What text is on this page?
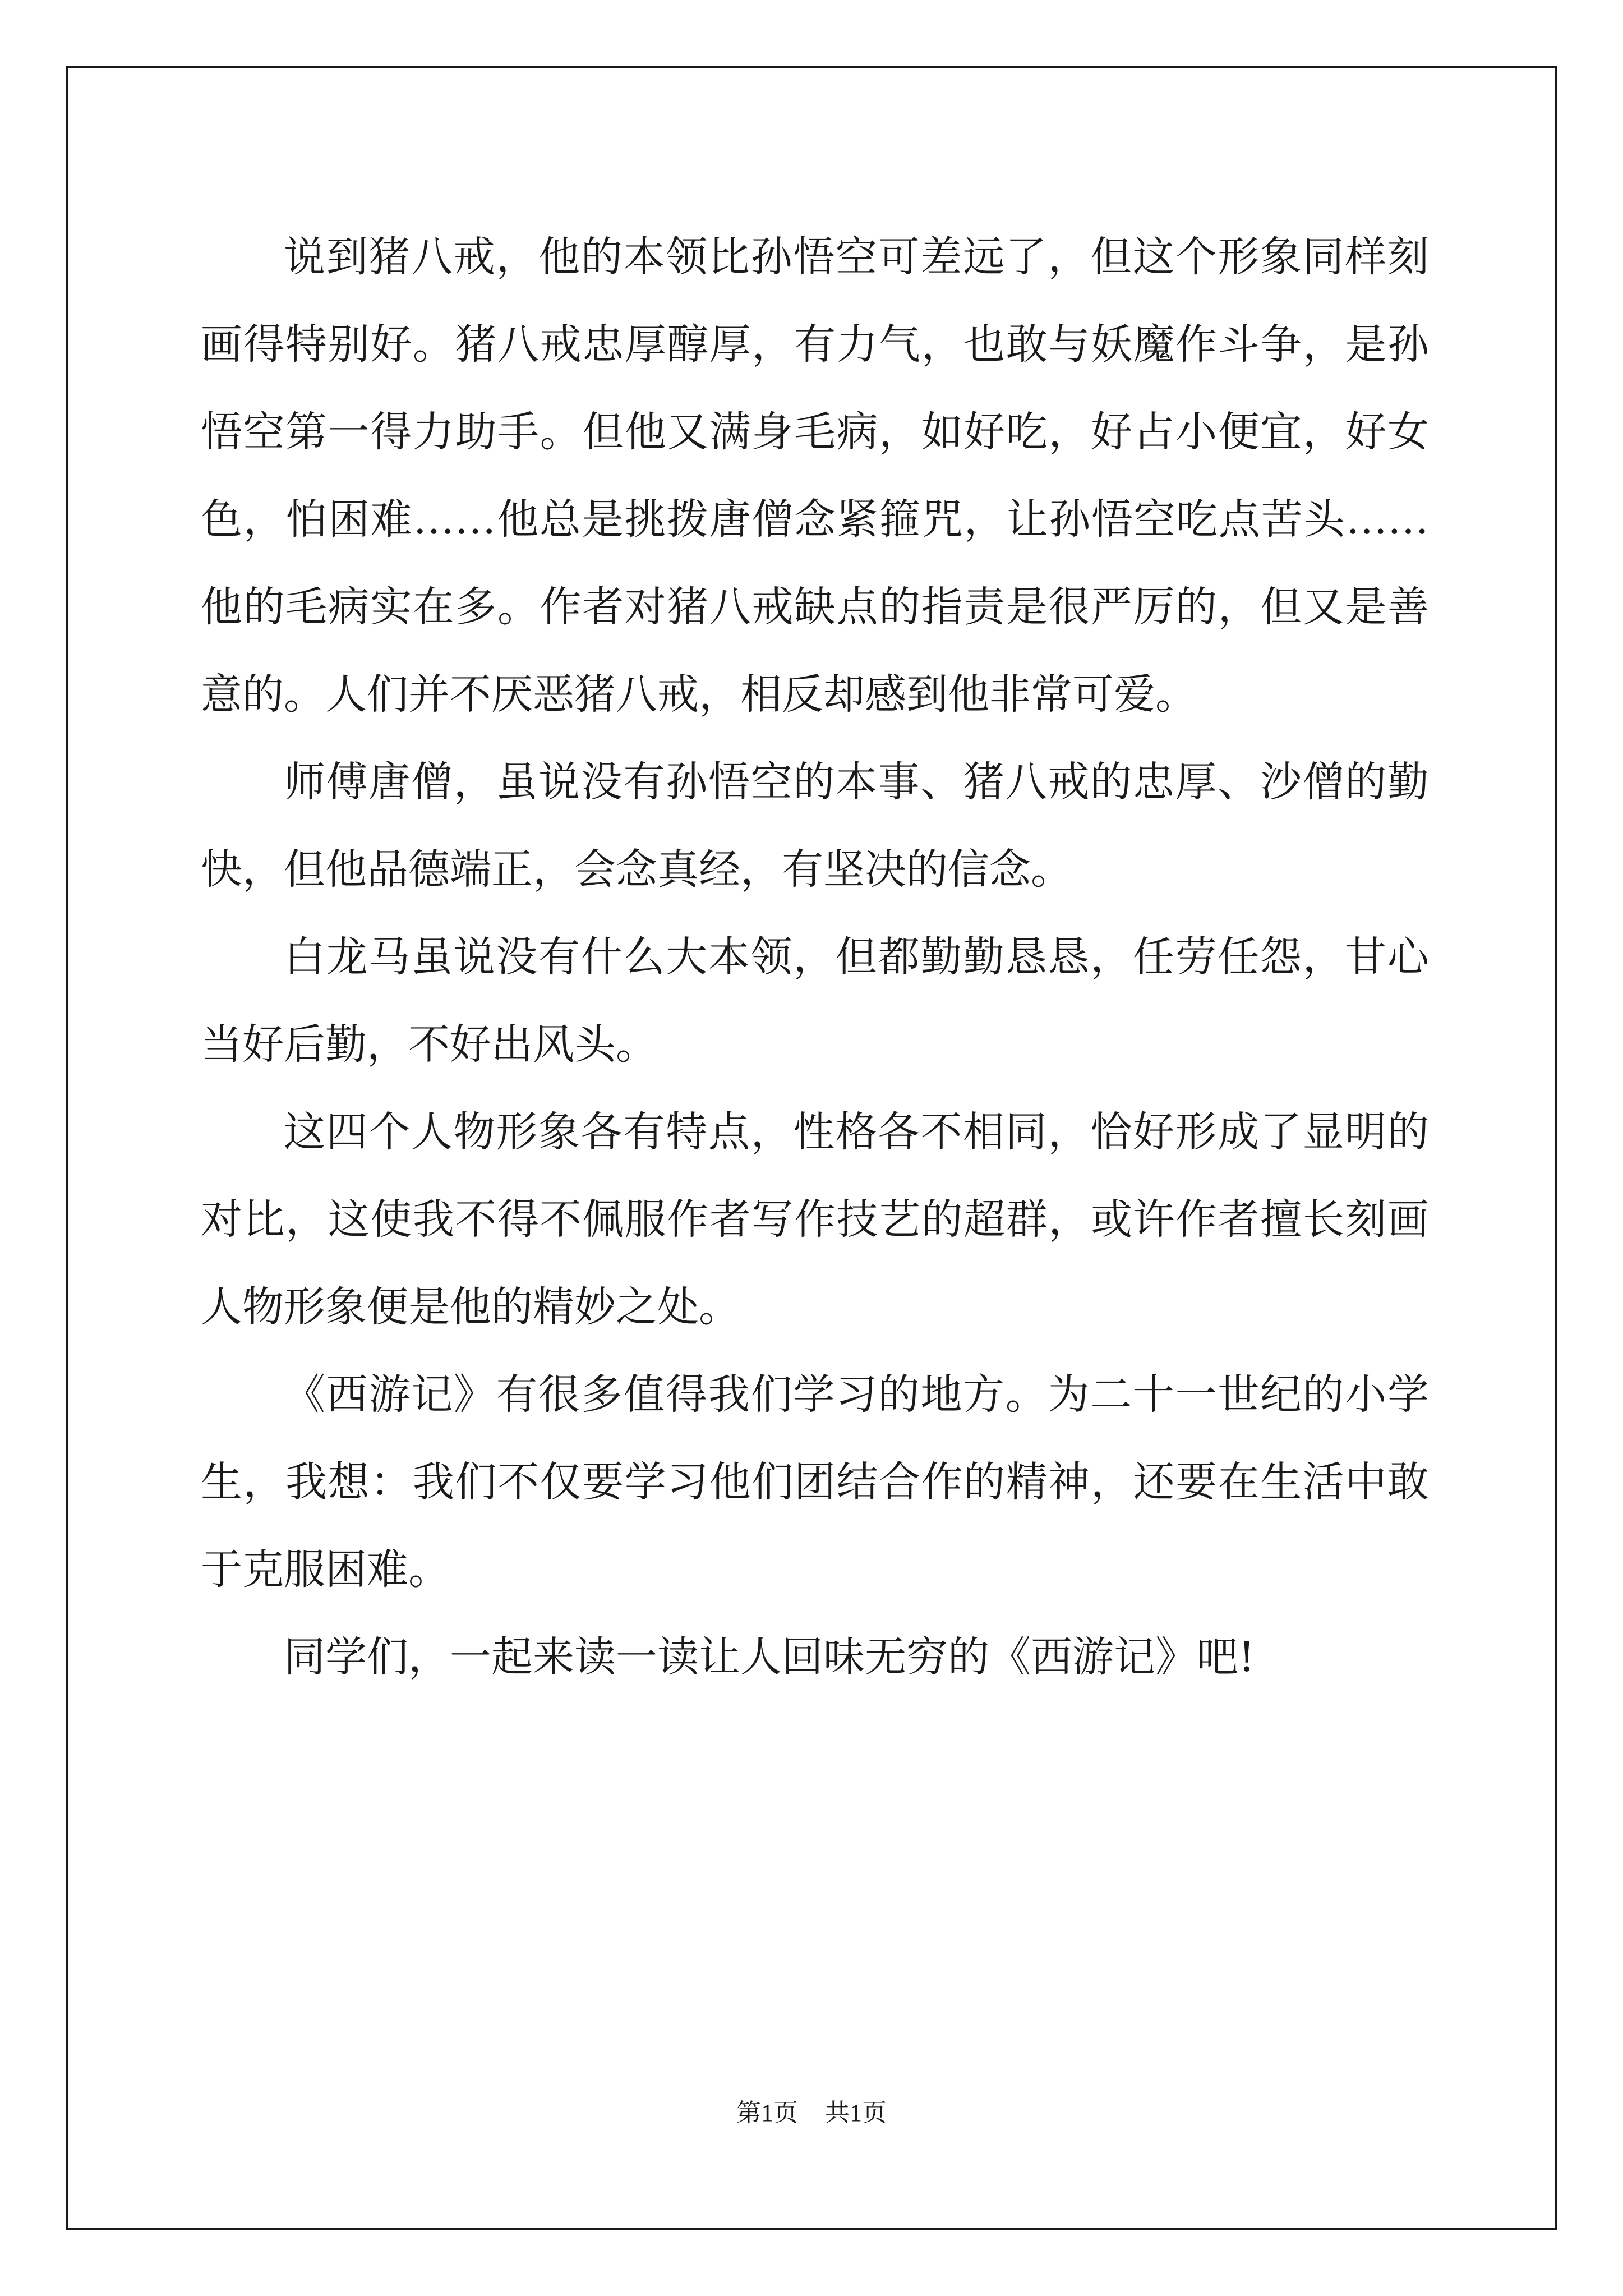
说到猪八戒，他的本领比孙悟空可差远了，但这个形象同样刻画得特别好。猪八戒忠厚醇厚，有力气，也敢与妖魔作斗争，是孙悟空第一得力助手。但他又满身毛病，如好吃，好占小便宜，好女色，怕困难……他总是挑拨唐僧念紧箍咒，让孙悟空吃点苦头……他的毛病实在多。作者对猪八戒缺点的指责是很严厉的，但又是善意的。人们并不厌恶猪八戒，相反却感到他非常可爱。

师傅唐僧，虽说没有孙悟空的本事、猪八戒的忠厚、沙僧的勤快，但他品德端正，会念真经，有坚决的信念。

白龙马虽说没有什么大本领，但都勤勤恳恳，任劳任怨，甘心当好后勤，不好出风头。

这四个人物形象各有特点，性格各不相同，恰好形成了显明的对比，这使我不得不佩服作者写作技艺的超群，或许作者擅长刻画人物形象便是他的精妙之处。

《西游记》有很多值得我们学习的地方。为二十一世纪的小学生，我想：我们不仅要学习他们团结合作的精神，还要在生活中敢于克服困难。

同学们，一起来读一读让人回味无穷的《西游记》吧!

第1页 共1页
